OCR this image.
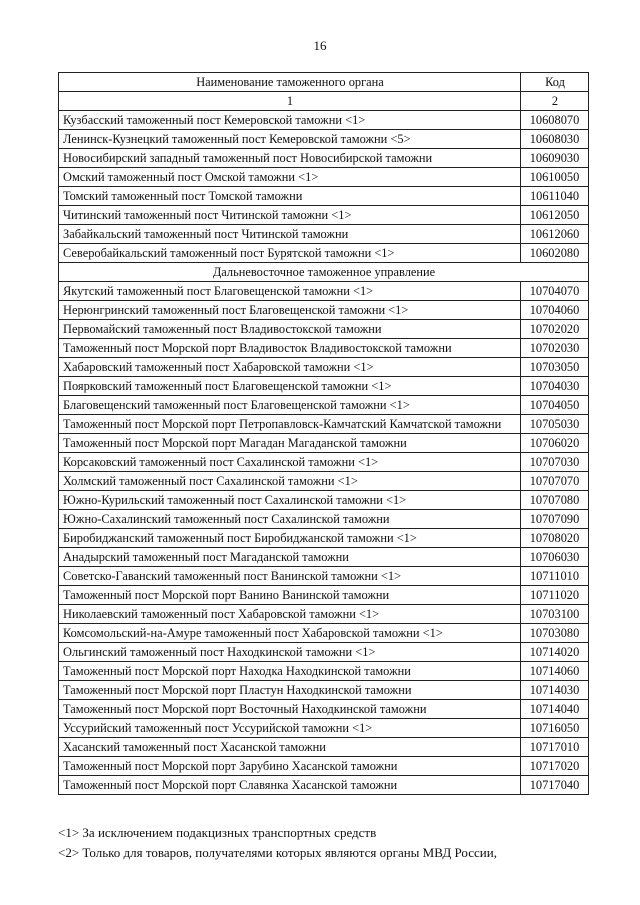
16
Наименование таможенного органа	Код
1	2
Кузбасский таможенный пост Кемеровской таможни <1>	10608070
Ленинск-Кузнецкий таможенный пост Кемеровской таможни <5>	10608030
Новосибирский западный таможенный пост Новосибирской таможни	10609030
Омский таможенный пост Омской таможни <1>	10610050
Томский таможенный пост Томской таможни	10611040
Читинский таможенный пост Читинской таможни <1>	10612050
Забайкальский таможенный пост Читинской таможни	10612060
Северобайкальский таможенный пост Бурятской таможни <1>	10602080
Дальневосточное таможенное управление	
Якутский таможенный пост Благовещенской таможни <1>	10704070
Нерюнгринский таможенный пост Благовещенской таможни <1>	10704060
Первомайский таможенный пост Владивостокской таможни	10702020
Таможенный пост Морской порт Владивосток Владивостокской таможни	10702030
Хабаровский таможенный пост Хабаровской таможни <1>	10703050
Поярковский таможенный пост Благовещенской таможни <1>	10704030
Благовещенский таможенный пост Благовещенской таможни <1>	10704050
Таможенный пост Морской порт Петропавловск-Камчатский Камчатской таможни	10705030
Таможенный пост Морской порт Магадан Магаданской таможни	10706020
Корсаковский таможенный пост Сахалинской таможни <1>	10707030
Холмский таможенный пост Сахалинской таможни <1>	10707070
Южно-Курильский таможенный пост Сахалинской таможни <1>	10707080
Южно-Сахалинский таможенный пост Сахалинской таможни	10707090
Биробиджанский таможенный пост Биробиджанской таможни <1>	10708020
Анадырский таможенный пост Магаданской таможни	10706030
Советско-Гаванский таможенный пост Ванинской таможни <1>	10711010
Таможенный пост Морской порт Ванино Ванинской таможни	10711020
Николаевский таможенный пост Хабаровской таможни <1>	10703100
Комсомольский-на-Амуре таможенный пост Хабаровской таможни <1>	10703080
Ольгинский таможенный пост Находкинской таможни <1>	10714020
Таможенный пост Морской порт Находка Находкинской таможни	10714060
Таможенный пост Морской порт Пластун Находкинской таможни	10714030
Таможенный пост Морской порт Восточный Находкинской таможни	10714040
Уссурийский таможенный пост Уссурийской таможни <1>	10716050
Хасанский таможенный пост Хасанской таможни	10717010
Таможенный пост Морской порт Зарубино Хасанской таможни	10717020
Таможенный пост Морской порт Славянка Хасанской таможни	10717040
<1> За исключением подакцизных транспортных средств
<2> Только для товаров, получателями которых являются органы МВД России,
